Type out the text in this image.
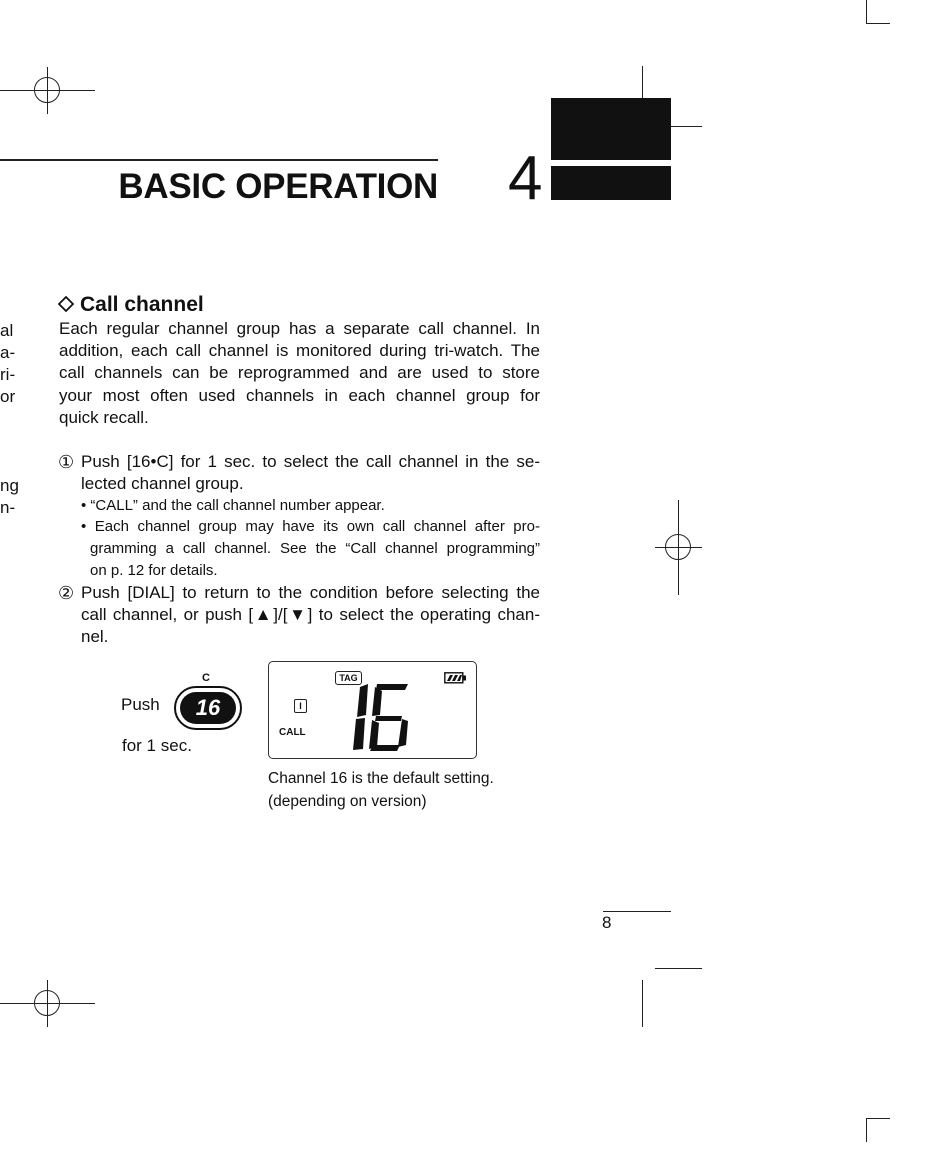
BASIC OPERATION 4
al
a-
ri-
or
ng
n-
Call channel
Each regular channel group has a separate call channel. In
addition, each call channel is monitored during tri-watch. The
call channels can be reprogrammed and are used to store
your most often used channels in each channel group for
quick recall.
① Push [16•C] for 1 sec. to select the call channel in the se-
lected channel group.
• “CALL” and the call channel number appear.
• Each channel group may have its own call channel after pro-
gramming a call channel. See the “Call channel programming”
on p. 12 for details.
② Push [DIAL] to return to the condition before selecting the
call channel, or push [▲]/[▼] to select the operating chan-
nel.
Push
C
16
for 1 sec.
TAG
I
CALL
Channel 16 is the default setting.
(depending on version)
8
